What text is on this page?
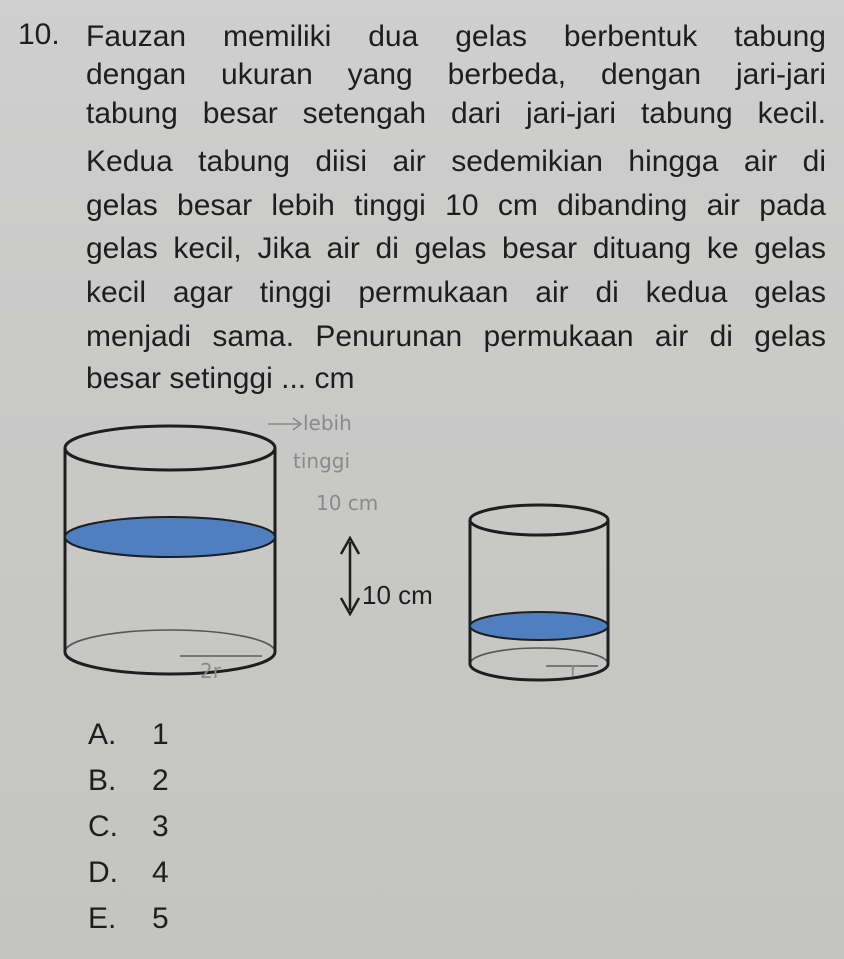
10. Fauzan memiliki dua gelas berbentuk tabung
dengan ukuran yang berbeda, dengan jari-jari
tabung besar setengah dari jari-jari tabung kecil.
Kedua tabung diisi air sedemikian hingga air di
gelas besar lebih tinggi 10 cm dibanding air pada
gelas kecil, Jika air di gelas besar dituang ke gelas
kecil agar tinggi permukaan air di kedua gelas
menjadi sama. Penurunan permukaan air di gelas
besar setinggi ... cm
10 cm
lebih
tinggi
10 cm
2r	r
A.	1
B.	2
C.	3
D.	4
E.	5
